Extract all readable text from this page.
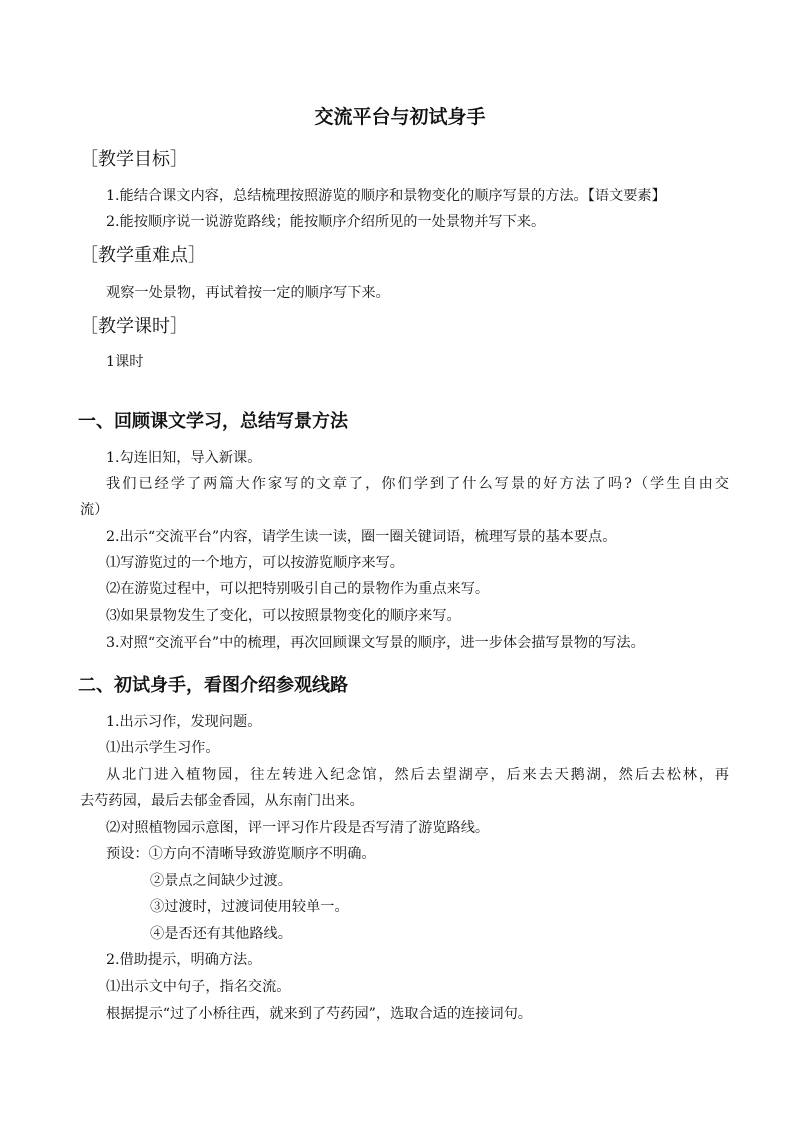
交流平台与初试身手
［教学目标］
1.能结合课文内容，总结梳理按照游览的顺序和景物变化的顺序写景的方法。【语文要素】
2.能按顺序说一说游览路线；能按顺序介绍所见的一处景物并写下来。
［教学重难点］
观察一处景物，再试着按一定的顺序写下来。
［教学课时］
1课时
一、回顾课文学习，总结写景方法
1.勾连旧知，导入新课。
我们已经学了两篇大作家写的文章了，你们学到了什么写景的好方法了吗?（学生自由交
流）
2.出示“交流平台”内容，请学生读一读，圈一圈关键词语，梳理写景的基本要点。
⑴写游览过的一个地方，可以按游览顺序来写。
⑵在游览过程中，可以把特别吸引自己的景物作为重点来写。
⑶如果景物发生了变化，可以按照景物变化的顺序来写。
3.对照“交流平台”中的梳理，再次回顾课文写景的顺序，进一步体会描写景物的写法。
二、初试身手，看图介绍参观线路
1.出示习作，发现问题。
⑴出示学生习作。
从北门进入植物园，往左转进入纪念馆，然后去望湖亭，后来去天鹅湖，然后去松林，再
去芍药园，最后去郁金香园，从东南门出来。
⑵对照植物园示意图，评一评习作片段是否写清了游览路线。
预设：①方向不清晰导致游览顺序不明确。
②景点之间缺少过渡。
③过渡时，过渡词使用较单一。
④是否还有其他路线。
2.借助提示，明确方法。
⑴出示文中句子，指名交流。
根据提示“过了小桥往西，就来到了芍药园”，选取合适的连接词句。
